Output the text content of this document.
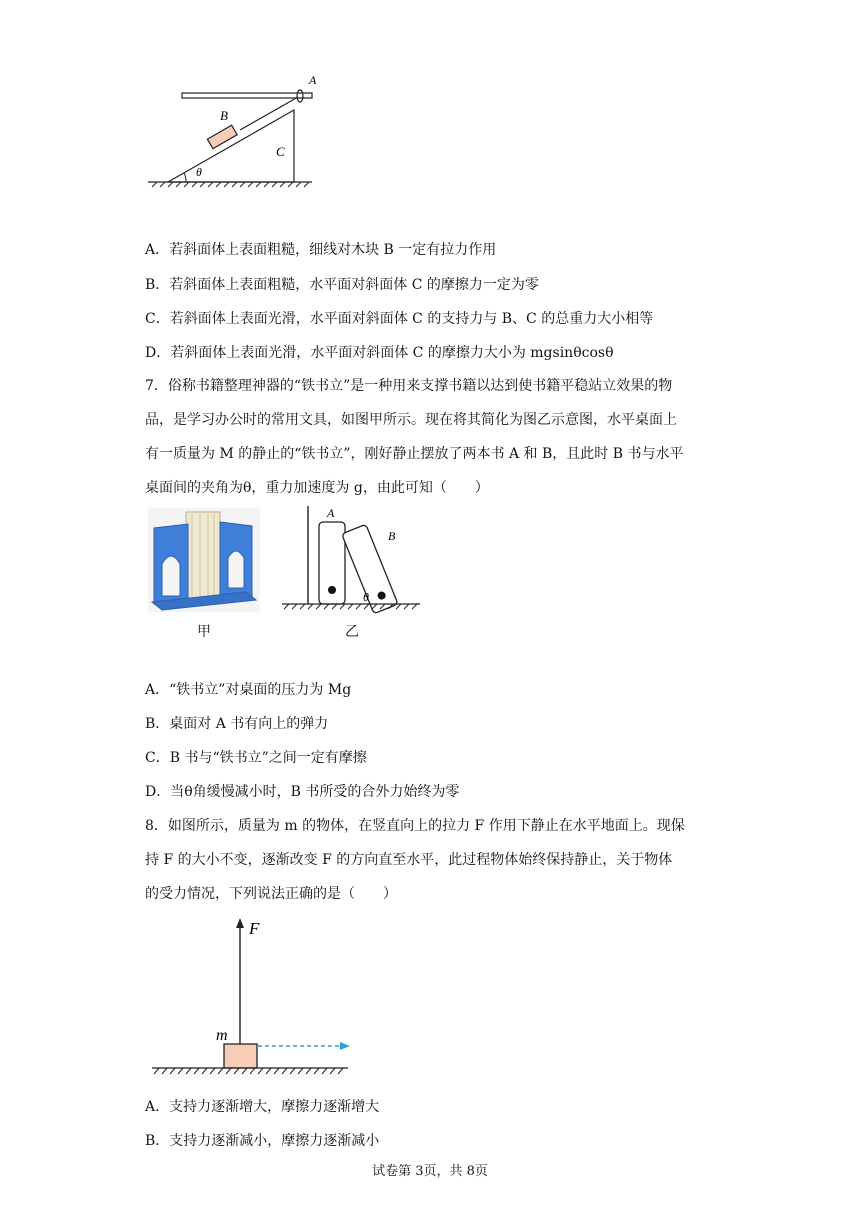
A
B
C
θ
A．若斜面体上表面粗糙，细线对木块 B 一定有拉力作用
B．若斜面体上表面粗糙，水平面对斜面体 C 的摩擦力一定为零
C．若斜面体上表面光滑，水平面对斜面体 C 的支持力与 B、C 的总重力大小相等
D．若斜面体上表面光滑，水平面对斜面体 C 的摩擦力大小为 mgsinθcosθ
7．俗称书籍整理神器的“铁书立”是一种用来支撑书籍以达到使书籍平稳站立效果的物
品，是学习办公时的常用文具，如图甲所示。现在将其简化为图乙示意图，水平桌面上
有一质量为 M 的静止的“铁书立”，刚好静止摆放了两本书 A 和 B，且此时 B 书与水平
桌面间的夹角为θ，重力加速度为 g，由此可知（　　）
甲
A
B
θ
乙
A．“铁书立”对桌面的压力为 Mg
B．桌面对 A 书有向上的弹力
C．B 书与“铁书立”之间一定有摩擦
D．当θ角缓慢减小时，B 书所受的合外力始终为零
8．如图所示，质量为 m 的物体，在竖直向上的拉力 F 作用下静止在水平地面上。现保
持 F 的大小不变，逐渐改变 F 的方向直至水平，此过程物体始终保持静止，关于物体
的受力情况，下列说法正确的是（　　）
F
m
A．支持力逐渐增大，摩擦力逐渐增大
B．支持力逐渐减小，摩擦力逐渐减小
试卷第 3页，共 8页
